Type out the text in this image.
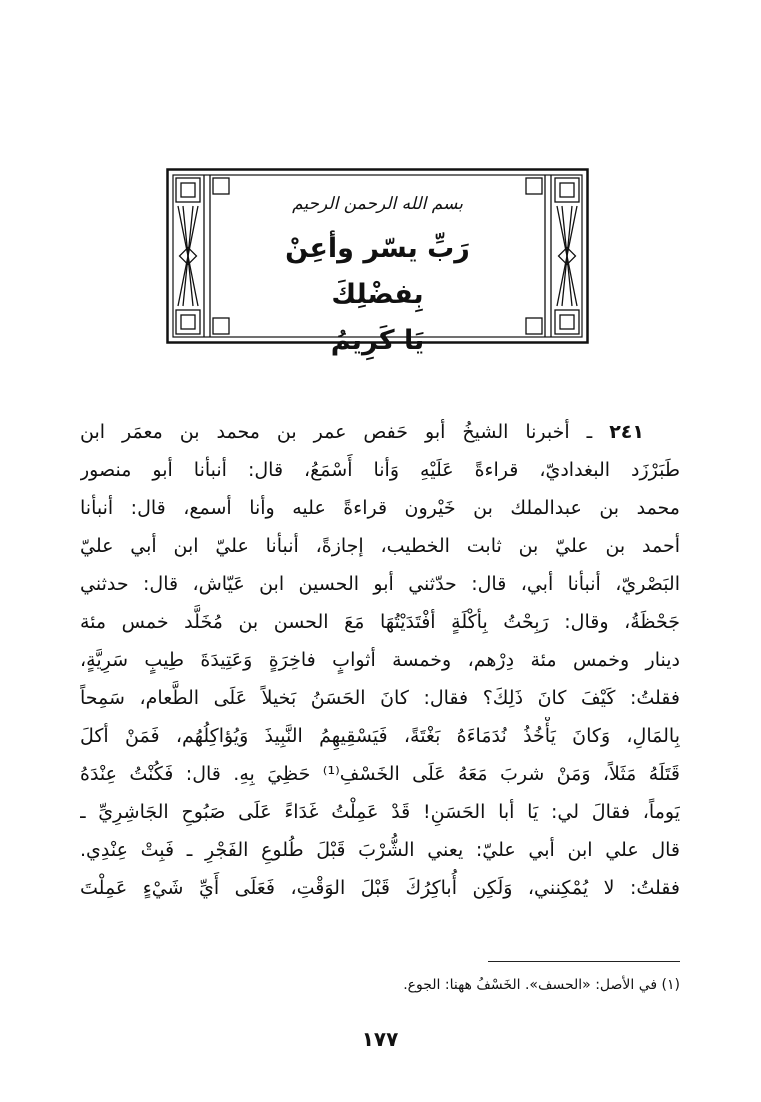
بسم الله الرحمن الرحيم
رَبِّ يسّر وأعِنْ بِفضْلِكَ
يَا كَرِيمُ
٢٤١ ـ أخبرنا الشيخُ أبو حَفص عمر بن محمد بن معمَر ابن
طَبَرْزَد البغداديّ، قراءةً عَلَيْهِ وَأنا أَسْمَعُ، قال: أنبأنا أبو منصور
محمد بن عبدالملك بن خَيْرون قراءةً عليه وأنا أسمع، قال: أنبأنا
أحمد بن عليّ بن ثابت الخطيب، إجازةً، أنبأنا عليّ ابن أبي عليّ
البَصْريّ، أنبأنا أبي، قال: حدّثني أبو الحسين ابن عَيّاش، قال: حدثني
جَحْظَةُ، وقال: رَبِحْتُ بِأكْلَةٍ أفْتَدَيْتُهَا مَعَ الحسن بن مُخَلَّد خمس مئة
دينار وخمس مئة دِرْهم، وخمسة أثوابٍ فاخِرَةٍ وَعَتِيدَةَ طِيبٍ سَرِيَّةٍ،
فقلتُ: كَيْفَ كانَ ذَلِكَ؟ فقال: كانَ الحَسَنُ بَخيلاً عَلَى الطَّعام، سَمِحاً
بِالمَالِ، وَكانَ يَأْخُذُ نُدَمَاءَهُ بَغْتَةً، فَيَسْقِيهِمُ النَّبِيذَ وَيُؤاكِلُهُم، فَمَنْ أكلَ
قَتَلَهُ مَثَلاً، وَمَنْ شربَ مَعَهُ عَلَى الخَسْفِ⁽¹⁾ حَظِيَ بِهِ. قال: فَكُنْتُ عِنْدَهُ
يَوماً، فقالَ لي: يَا أبا الحَسَنِ! قَدْ عَمِلْتُ غَدَاءً عَلَى صَبُوحِ الجَاشِرِيِّ ـ
قال علي ابن أبي عليّ: يعني الشُّرْبَ قَبْلَ طُلوعِ الفَجْرِ ـ فَبِتْ عِنْدِي.
فقلتُ: لا يُمْكِنني، وَلَكِن أُباكِرُكَ قَبْلَ الوَقْتِ، فَعَلَى أَيِّ شَيْءٍ عَمِلْتَ
(١) في الأصل: «الحسف». الخَسْفُ ههنا: الجوع.
١٧٧
